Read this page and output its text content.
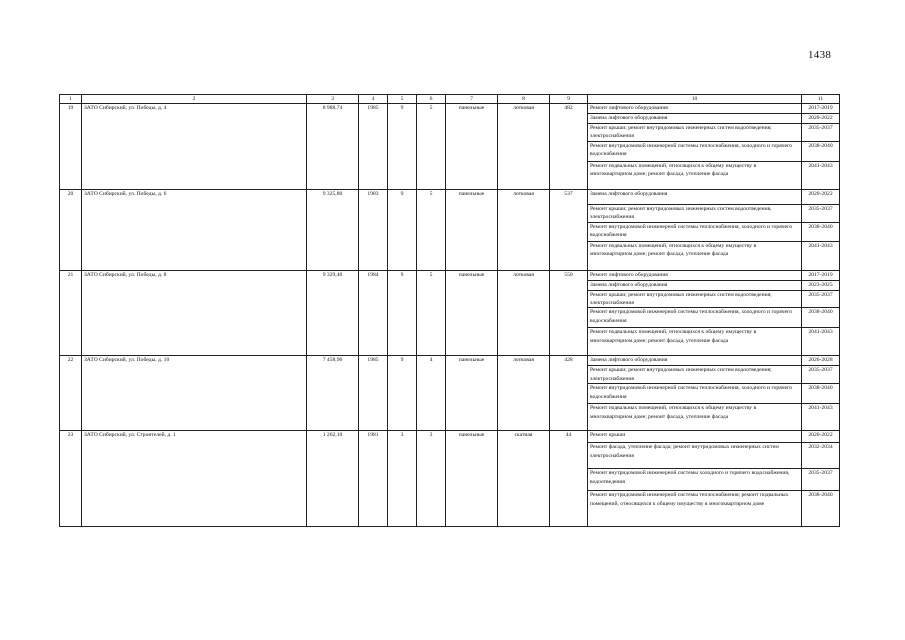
1438
1	2	3	4	5	6	7	8	9	10	11
19	ЗАТО Сибирский, ул. Победы, д. 4	8 988,74	1985	9	5	панельные	лотковая	482	Ремонт лифтового оборудования	2017-2019
									Замена лифтового оборудования	2020-2022
									Ремонт крыши; ремонт внутридомовых инженерных систем водоотведения; электроснабжения	2035-2037
									Ремонт внутридомовой инженерной системы теплоснабжения, холодного и горячего водоснабжения	2038-2040
									Ремонт подвальных помещений, относящихся к общему имуществу в многоквартирном доме; ремонт фасада, утепление фасада	2041-2043
20	ЗАТО Сибирский, ул. Победы, д. 6	9 325,80	1983	9	5	панельные	лотковая	537	Замена лифтового оборудования	2020-2022
									Ремонт крыши; ремонт внутридомовых инженерных систем водоотведения, электроснабжения	2035-2037
									Ремонт внутридомовой инженерной системы теплоснабжения, холодного и горячего водоснабжения	2038-2040
									Ремонт подвальных помещений, относящихся к общему имуществу в многоквартирном доме; ремонт фасада, утепление фасада	2041-2043
21	ЗАТО Сибирский, ул. Победы, д. 8	9 329,40	1984	9	5	панельные	лотковая	550	Ремонт лифтового оборудования	2017-2019
									Замена лифтового оборудования	2023-2025
									Ремонт крыши; ремонт внутридомовых инженерных систем водоотведения; электроснабжения	2035-2037
									Ремонт внутридомовой инженерной системы теплоснабжения, холодного и горячего водоснабжения	2038-2040
									Ремонт подвальных помещений, относящихся к общему имуществу в многоквартирном доме; ремонт фасада, утепление фасада	2041-2043
22	ЗАТО Сибирский, ул. Победы, д. 10	7 458,96	1985	9	4	панельные	лотковая	428	Замена лифтового оборудования	2026-2028
									Ремонт крыши; ремонт внутридомовых инженерных систем водоотведения; электроснабжения	2035-2037
									Ремонт внутридомовой инженерной системы теплоснабжения, холодного и горячего водоснабжения	2038-2040
									Ремонт подвальных помещений, относящихся к общему имуществу в многоквартирном доме; ремонт фасада, утепление фасада	2041-2043
23	ЗАТО Сибирский, ул. Строителей, д. 1	1 262,10	1981	3	3	панельные	скатная	44	Ремонт крыши	2020-2022
									Ремонт фасада, утепление фасада; ремонт внутридомовых инженерных систем электроснабжения	2032-2034
									Ремонт внутридомовой инженерной системы холодного и горячего водоснабжения, водоотведения	2035-2037
									Ремонт внутридомовой инженерной системы теплоснабжения; ремонт подвальных помещений, относящихся к общему имуществу в многоквартирном доме	2038-2040
